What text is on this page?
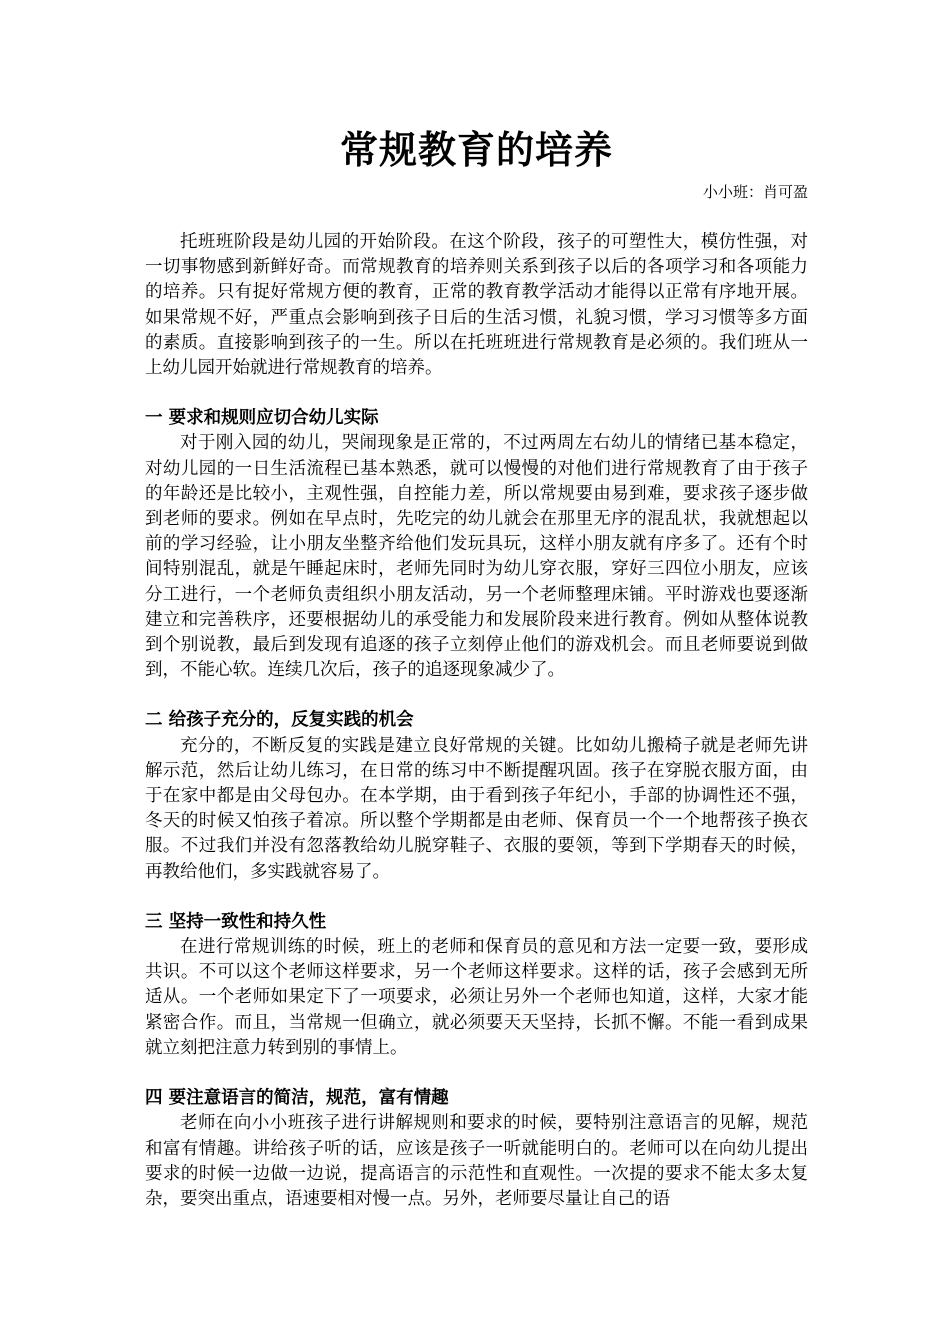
常规教育的培养

小小班：肖可盈

托班班阶段是幼儿园的开始阶段。在这个阶段，孩子的可塑性大，模仿性强，对一切事物感到新鲜好奇。而常规教育的培养则关系到孩子以后的各项学习和各项能力的培养。只有捉好常规方便的教育，正常的教育教学活动才能得以正常有序地开展。如果常规不好，严重点会影响到孩子日后的生活习惯，礼貌习惯，学习习惯等多方面的素质。直接影响到孩子的一生。所以在托班班进行常规教育是必须的。我们班从一上幼儿园开始就进行常规教育的培养。

一 要求和规则应切合幼儿实际

对于刚入园的幼儿，哭闹现象是正常的，不过两周左右幼儿的情绪已基本稳定，对幼儿园的一日生活流程已基本熟悉，就可以慢慢的对他们进行常规教育了由于孩子的年龄还是比较小，主观性强，自控能力差，所以常规要由易到难，要求孩子逐步做到老师的要求。例如在早点时，先吃完的幼儿就会在那里无序的混乱状，我就想起以前的学习经验，让小朋友坐整齐给他们发玩具玩，这样小朋友就有序多了。还有个时间特别混乱，就是午睡起床时，老师先同时为幼儿穿衣服，穿好三四位小朋友，应该分工进行，一个老师负责组织小朋友活动，另一个老师整理床铺。平时游戏也要逐渐建立和完善秩序，还要根据幼儿的承受能力和发展阶段来进行教育。例如从整体说教到个别说教，最后到发现有追逐的孩子立刻停止他们的游戏机会。而且老师要说到做到，不能心软。连续几次后，孩子的追逐现象减少了。

二 给孩子充分的，反复实践的机会

充分的，不断反复的实践是建立良好常规的关键。比如幼儿搬椅子就是老师先讲解示范，然后让幼儿练习，在日常的练习中不断提醒巩固。孩子在穿脱衣服方面，由于在家中都是由父母包办。在本学期，由于看到孩子年纪小，手部的协调性还不强，冬天的时候又怕孩子着凉。所以整个学期都是由老师、保育员一个一个地帮孩子换衣服。不过我们并没有忽落教给幼儿脱穿鞋子、衣服的要领，等到下学期春天的时候，再教给他们，多实践就容易了。

三 坚持一致性和持久性

在进行常规训练的时候，班上的老师和保育员的意见和方法一定要一致，要形成共识。不可以这个老师这样要求，另一个老师这样要求。这样的话，孩子会感到无所适从。一个老师如果定下了一项要求，必须让另外一个老师也知道，这样，大家才能紧密合作。而且，当常规一但确立，就必须要天天坚持，长抓不懈。不能一看到成果就立刻把注意力转到别的事情上。

四 要注意语言的简洁，规范，富有情趣

老师在向小小班孩子进行讲解规则和要求的时候，要特别注意语言的见解，规范和富有情趣。讲给孩子听的话，应该是孩子一听就能明白的。老师可以在向幼儿提出要求的时候一边做一边说，提高语言的示范性和直观性。一次提的要求不能太多太复杂，要突出重点，语速要相对慢一点。另外，老师要尽量让自己的语
